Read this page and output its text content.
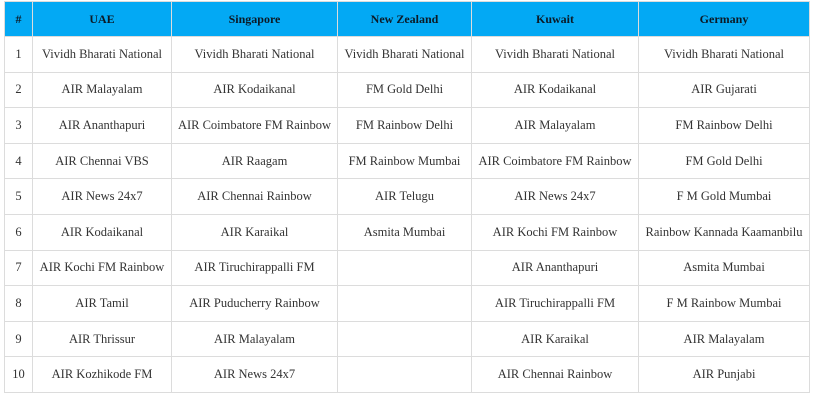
#	UAE	Singapore	New Zealand	Kuwait	Germany
1	Vividh Bharati National	Vividh Bharati National	Vividh Bharati National	Vividh Bharati National	Vividh Bharati National
2	AIR Malayalam	AIR Kodaikanal	FM Gold Delhi	AIR Kodaikanal	AIR Gujarati
3	AIR Ananthapuri	AIR Coimbatore FM Rainbow	FM Rainbow Delhi	AIR Malayalam	FM Rainbow Delhi
4	AIR Chennai VBS	AIR Raagam	FM Rainbow Mumbai	AIR Coimbatore FM Rainbow	FM Gold Delhi
5	AIR News 24x7	AIR Chennai Rainbow	AIR Telugu	AIR News 24x7	F M Gold Mumbai
6	AIR Kodaikanal	AIR Karaikal	Asmita Mumbai	AIR Kochi FM Rainbow	Rainbow Kannada Kaamanbilu
7	AIR Kochi FM Rainbow	AIR Tiruchirappalli FM		AIR Ananthapuri	Asmita Mumbai
8	AIR Tamil	AIR Puducherry Rainbow		AIR Tiruchirappalli FM	F M Rainbow Mumbai
9	AIR Thrissur	AIR Malayalam		AIR Karaikal	AIR Malayalam
10	AIR Kozhikode FM	AIR News 24x7		AIR Chennai Rainbow	AIR Punjabi
